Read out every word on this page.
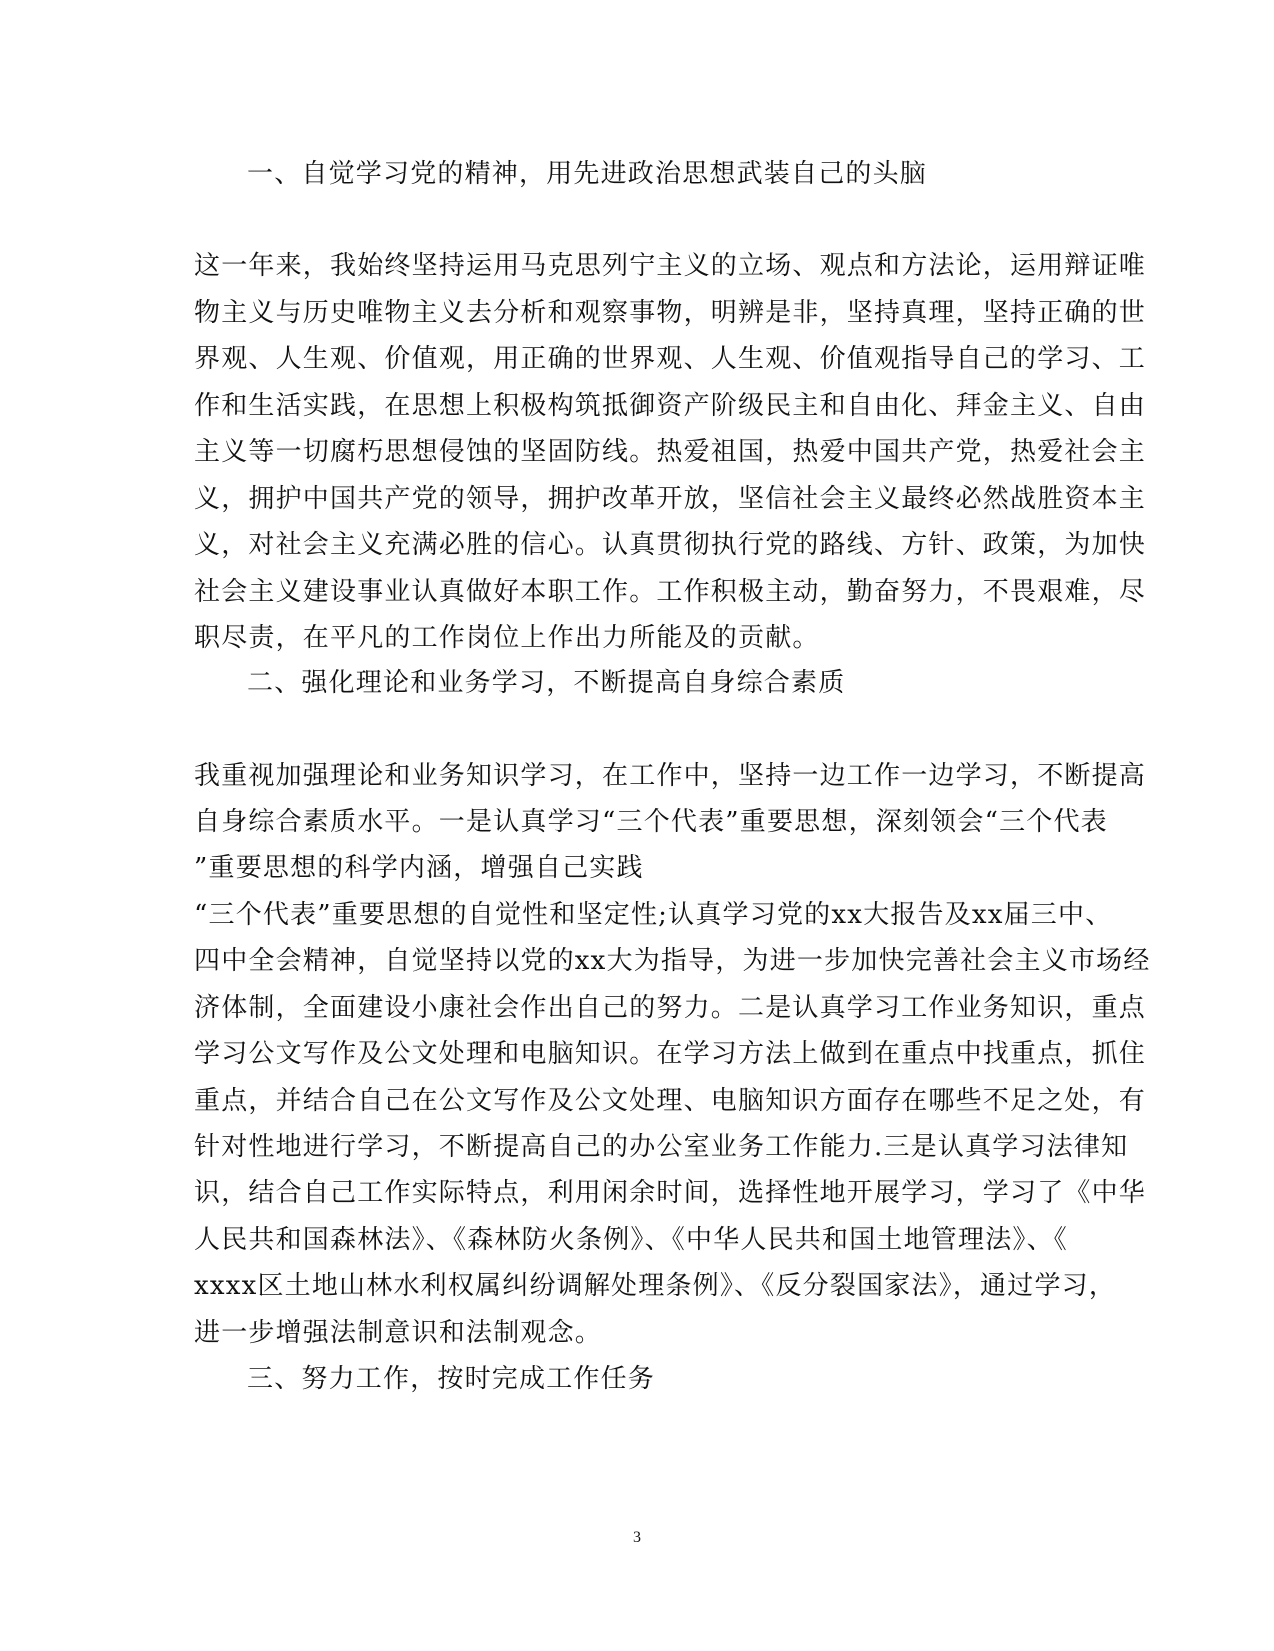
一、自觉学习党的精神，用先进政治思想武装自己的头脑
这一年来，我始终坚持运用马克思列宁主义的立场、观点和方法论，运用辩证唯
物主义与历史唯物主义去分析和观察事物，明辨是非，坚持真理，坚持正确的世
界观、人生观、价值观，用正确的世界观、人生观、价值观指导自己的学习、工
作和生活实践，在思想上积极构筑抵御资产阶级民主和自由化、拜金主义、自由
主义等一切腐朽思想侵蚀的坚固防线。热爱祖国，热爱中国共产党，热爱社会主
义，拥护中国共产党的领导，拥护改革开放，坚信社会主义最终必然战胜资本主
义，对社会主义充满必胜的信心。认真贯彻执行党的路线、方针、政策，为加快
社会主义建设事业认真做好本职工作。工作积极主动，勤奋努力，不畏艰难，尽
职尽责，在平凡的工作岗位上作出力所能及的贡献。
二、强化理论和业务学习，不断提高自身综合素质
我重视加强理论和业务知识学习，在工作中，坚持一边工作一边学习，不断提高
自身综合素质水平。一是认真学习“三个代表”重要思想，深刻领会“三个代表
”重要思想的科学内涵，增强自己实践
“三个代表”重要思想的自觉性和坚定性;认真学习党的xx大报告及xx届三中、
四中全会精神，自觉坚持以党的xx大为指导，为进一步加快完善社会主义市场经
济体制，全面建设小康社会作出自己的努力。二是认真学习工作业务知识，重点
学习公文写作及公文处理和电脑知识。在学习方法上做到在重点中找重点，抓住
重点，并结合自己在公文写作及公文处理、电脑知识方面存在哪些不足之处，有
针对性地进行学习，不断提高自己的办公室业务工作能力.三是认真学习法律知
识，结合自己工作实际特点，利用闲余时间，选择性地开展学习，学习了《中华
人民共和国森林法》、《森林防火条例》、《中华人民共和国土地管理法》、《
xxxx区土地山林水利权属纠纷调解处理条例》、《反分裂国家法》，通过学习，
进一步增强法制意识和法制观念。
三、努力工作，按时完成工作任务
3
